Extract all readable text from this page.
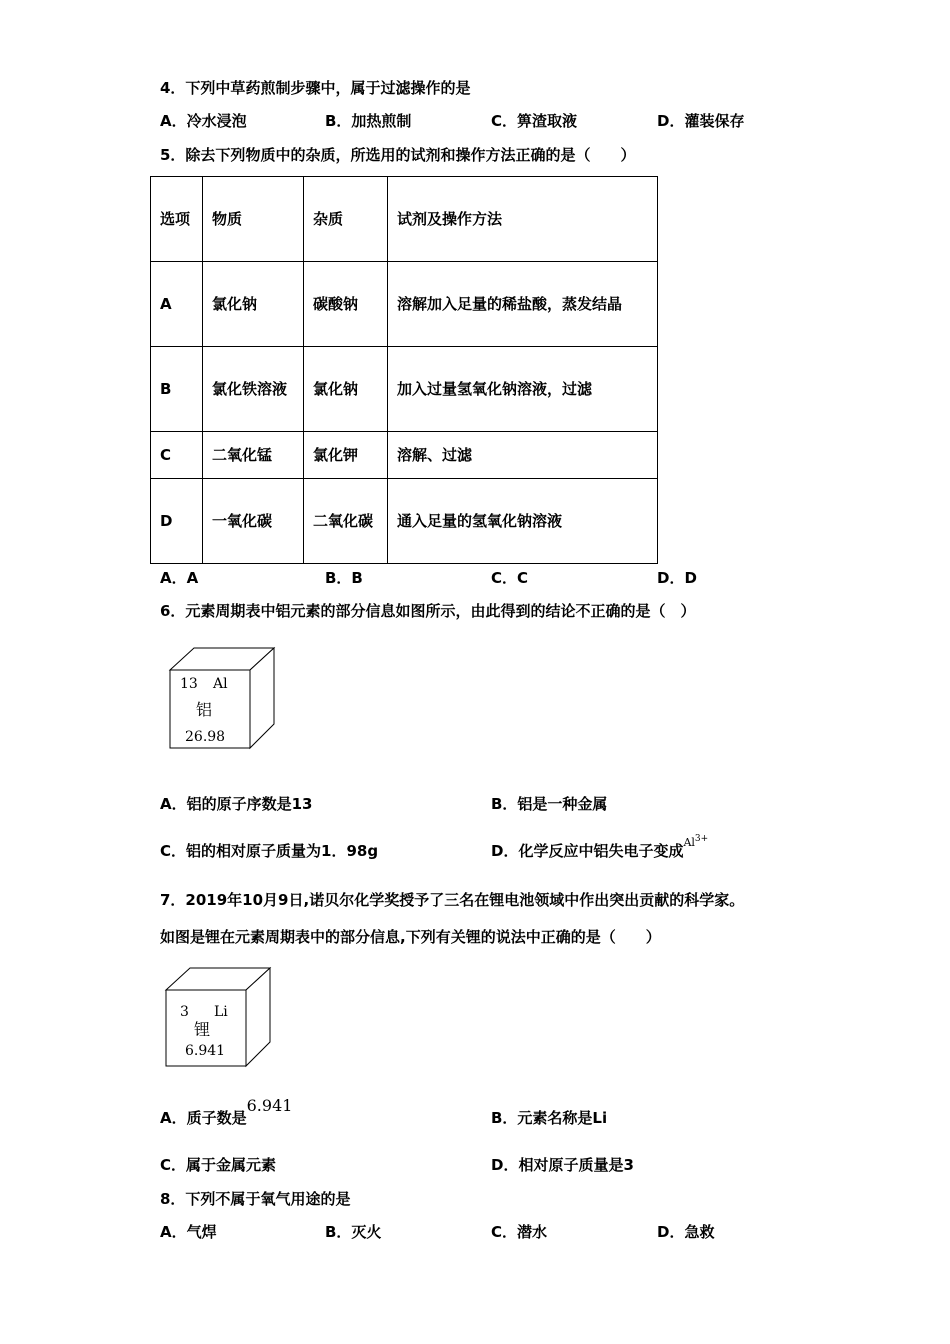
4．下列中草药煎制步骤中，属于过滤操作的是
A．冷水浸泡	B．加热煎制	C．箅渣取液	D．灌装保存
5．除去下列物质中的杂质，所选用的试剂和操作方法正确的是（　　）
选项	物质	杂质	试剂及操作方法
A	氯化钠	碳酸钠	溶解加入足量的稀盐酸，蒸发结晶
B	氯化铁溶液	氯化钠	加入过量氢氧化钠溶液，过滤
C	二氧化锰	氯化钾	溶解、过滤
D	一氧化碳	二氧化碳	通入足量的氢氧化钠溶液
A．A	B．B	C．C	D．D
6．元素周期表中铝元素的部分信息如图所示，由此得到的结论不正确的是（　）
13 Al
铝
26.98
A．铝的原子序数是13	B．铝是一种金属
C．铝的相对原子质量为1．98g	D．化学反应中铝失电子变成$^{Al^{3+}}$
7．2019年10月9日,诺贝尔化学奖授予了三名在锂电池领域中作出突出贡献的科学家。
如图是锂在元素周期表中的部分信息,下列有关锂的说法中正确的是（　　）
3 Li
锂
6.941
A．质子数是6.941
B．元素名称是Li
C．属于金属元素	D．相对原子质量是3
8．下列不属于氧气用途的是
A．气焊	B．灭火	C．潜水	D．急救
